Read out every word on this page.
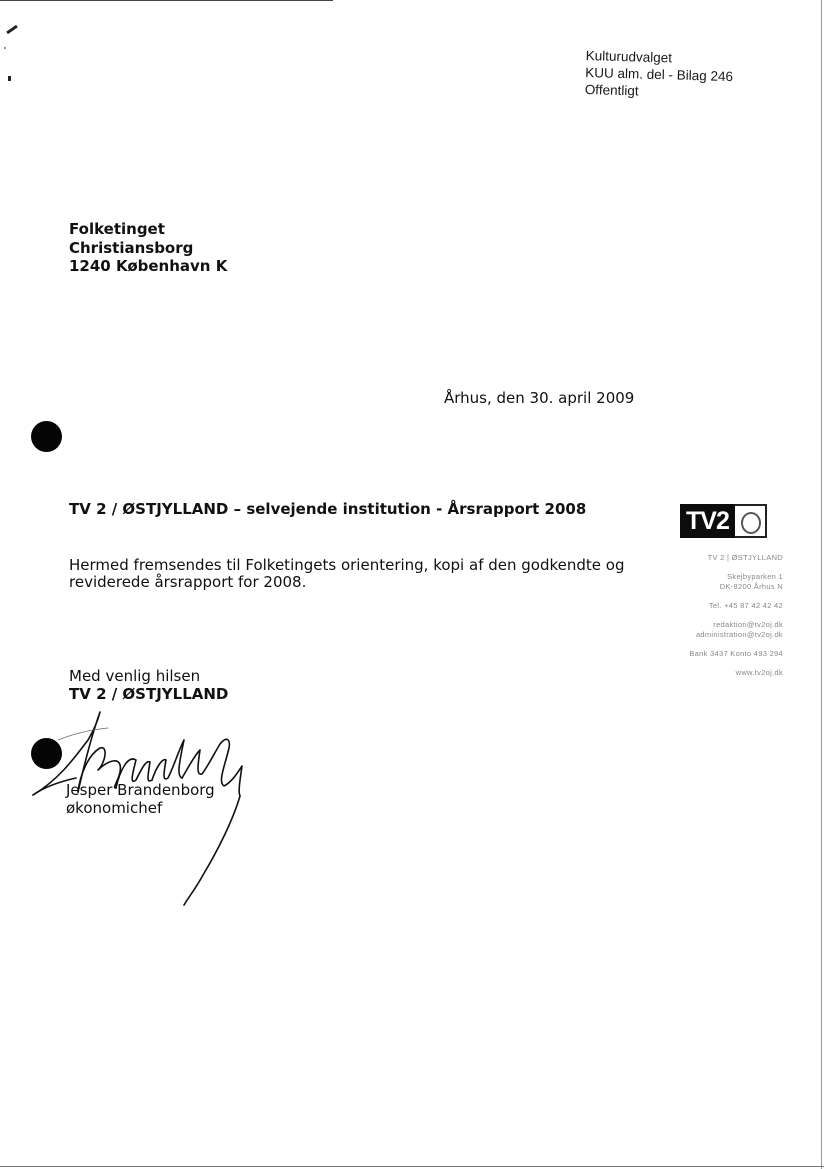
Kulturudvalget
KUU alm. del - Bilag 246
Offentligt
Folketinget
Christiansborg
1240 København K
Århus, den 30. april 2009
TV 2 / ØSTJYLLAND – selvejende institution - Årsrapport 2008
Hermed fremsendes til Folketingets orientering, kopi af den godkendte og reviderede årsrapport for 2008.
TV2
TV 2 | ØSTJYLLAND
Skejbyparken 1
DK-8200 Århus N
Tel. +45 87 42 42 42
redaktion@tv2oj.dk
administration@tv2oj.dk
Bank 3437 Konto 493 294
www.tv2oj.dk
Med venlig hilsen
TV 2 / ØSTJYLLAND
Jesper Brandenborg
økonomichef
